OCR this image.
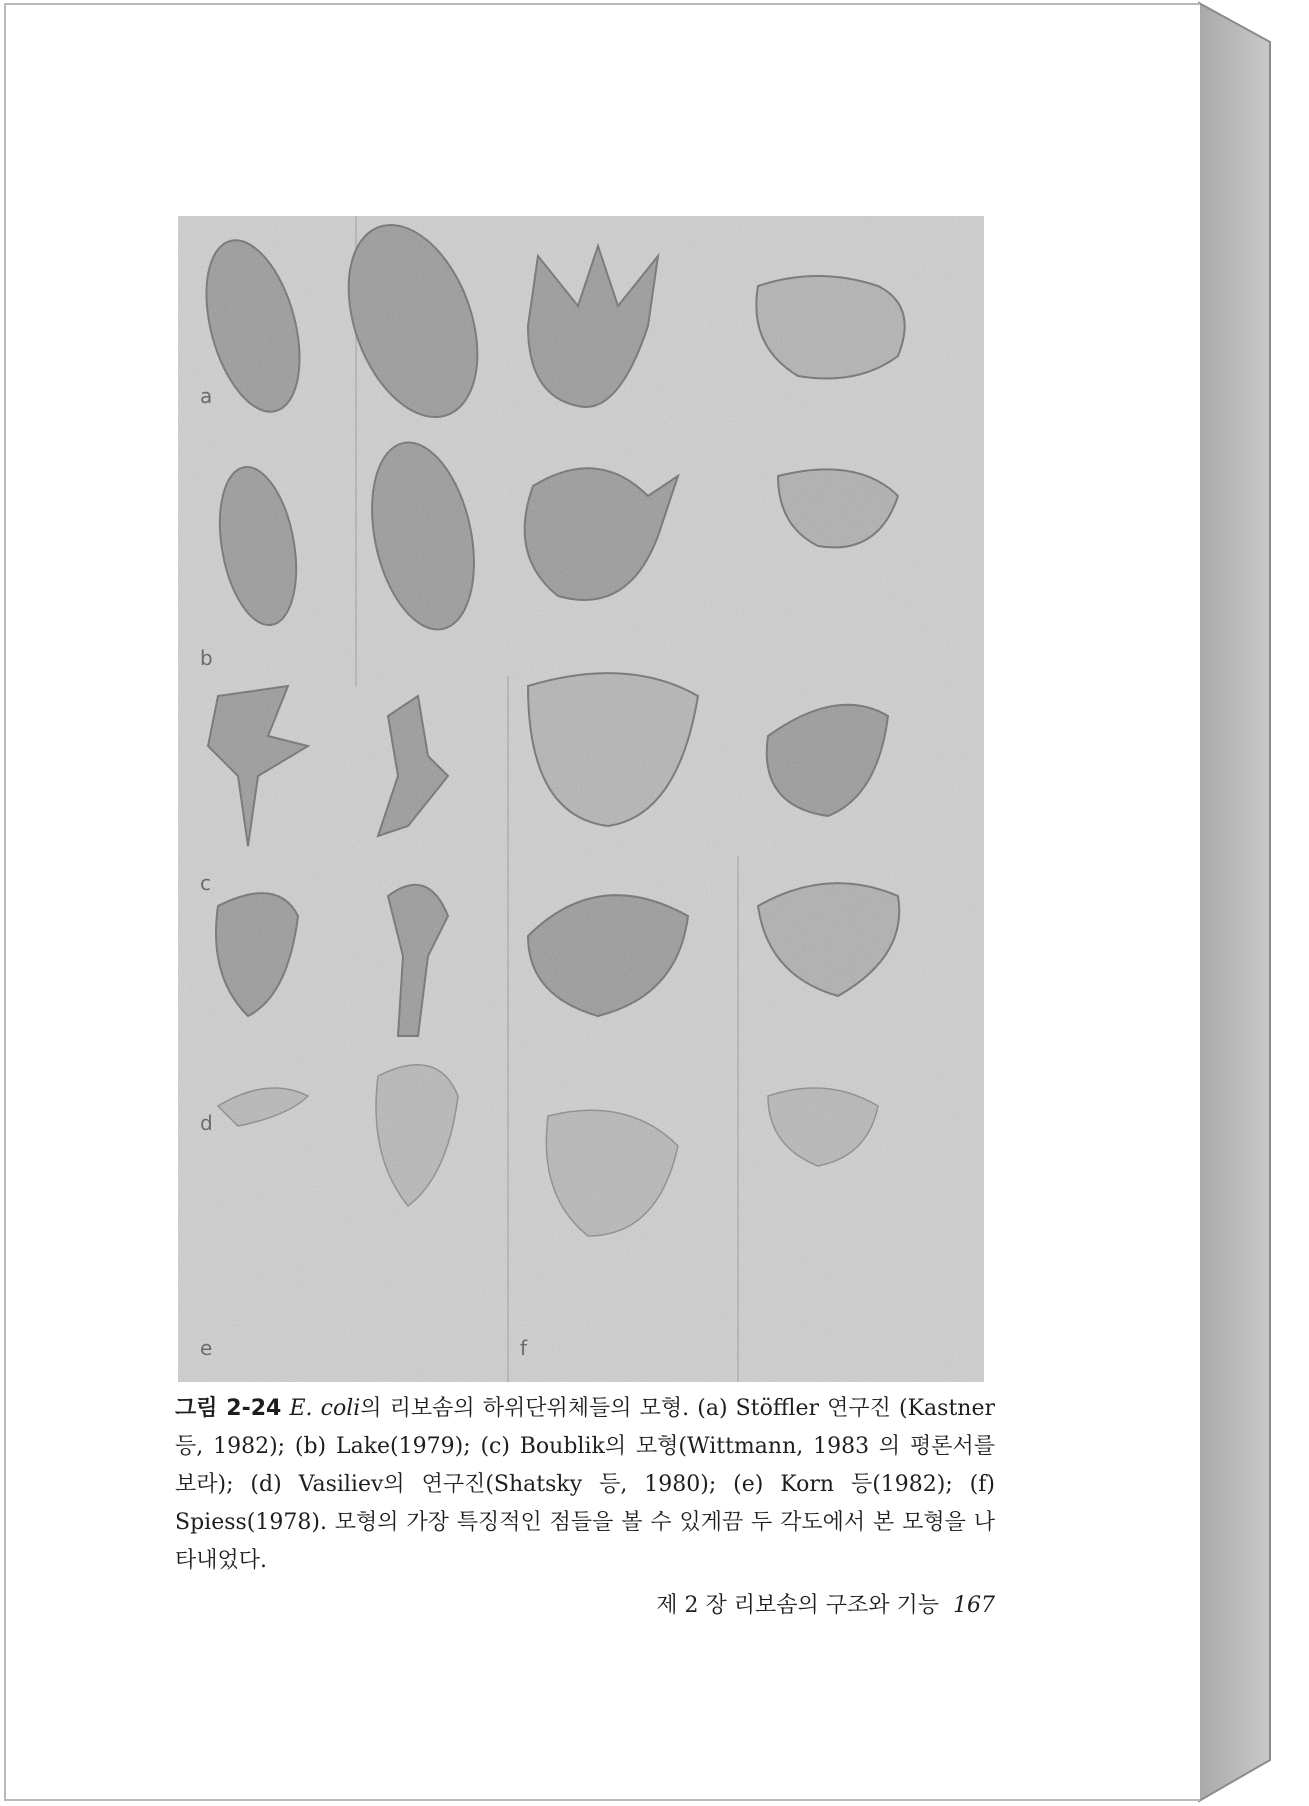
a
b
c
d
e	f
그림 2-24 E. coli의 리보솜의 하위단위체들의 모형. (a) Stöffler 연구진 (Kastner 등, 1982); (b) Lake(1979); (c) Boublik의 모형(Wittmann, 1983 의 평론서를 보라); (d) Vasiliev의 연구진(Shatsky 등, 1980); (e) Korn 등(1982); (f) Spiess(1978). 모형의 가장 특징적인 점들을 볼 수 있게끔 두 각도에서 본 모형을 나타내었다.
제 2 장 리보솜의 구조와 기능 167
